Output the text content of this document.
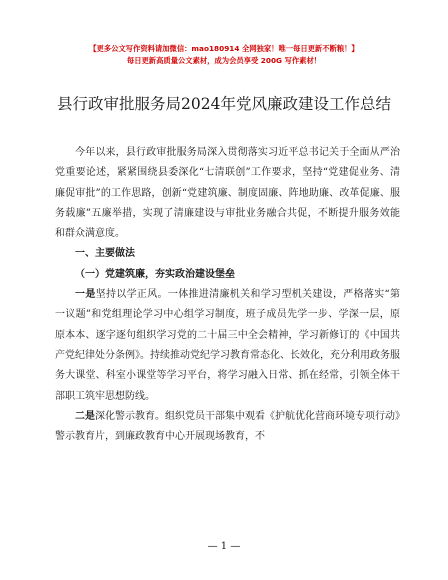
【更多公文写作资料请加微信：mao180914 全网独家！唯一每日更新不断粮！】
每日更新高质量公文素材，成为会员享受 200G 写作素材！
县行政审批服务局2024年党风廉政建设工作总结

今年以来，县行政审批服务局深入贯彻落实习近平总书记关于全面从严治党重要论述，紧紧围绕县委深化“七清联创”工作要求，坚持“党建促业务、清廉促审批”的工作思路，创新“党建筑廉、制度固廉、阵地助廉、改革促廉、服务载廉”五廉举措，实现了清廉建设与审批业务融合共促，不断提升服务效能和群众满意度。

一、主要做法

（一）党建筑廉，夯实政治建设堡垒

一是坚持以学正风。一体推进清廉机关和学习型机关建设，严格落实“第一议题”和党组理论学习中心组学习制度，班子成员先学一步、学深一层，原原本本、逐字逐句组织学习党的二十届三中全会精神，学习新修订的《中国共产党纪律处分条例》。持续推动党纪学习教育常态化、长效化，充分利用政务服务大课堂、科室小课堂等学习平台，将学习融入日常、抓在经常，引领全体干部职工筑牢思想防线。

二是深化警示教育。组织党员干部集中观看《护航优化营商环境专项行动》警示教育片，到廉政教育中心开展现场教育，不

— 1 —
